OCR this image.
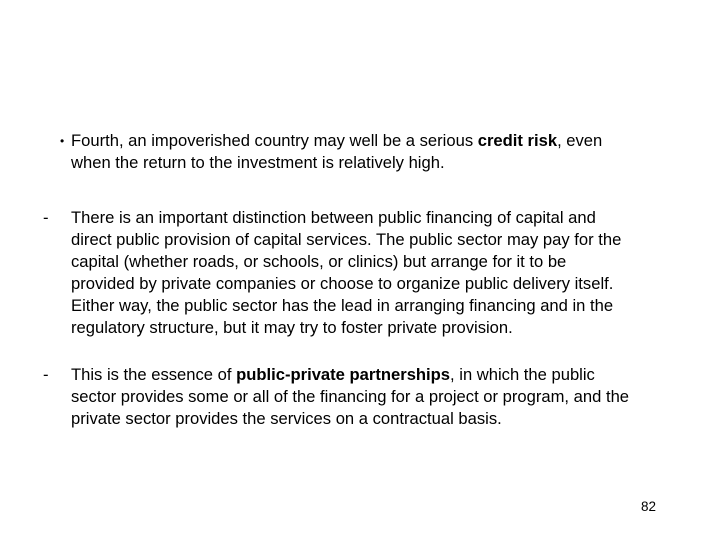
• Fourth, an impoverished country may well be a serious credit risk, even
when the return to the investment is relatively high.
- There is an important distinction between public financing of capital and
direct public provision of capital services. The public sector may pay for the
capital (whether roads, or schools, or clinics) but arrange for it to be
provided by private companies or choose to organize public delivery itself.
Either way, the public sector has the lead in arranging financing and in the
regulatory structure, but it may try to foster private provision.
- This is the essence of public-private partnerships, in which the public
sector provides some or all of the financing for a project or program, and the
private sector provides the services on a contractual basis.
82
